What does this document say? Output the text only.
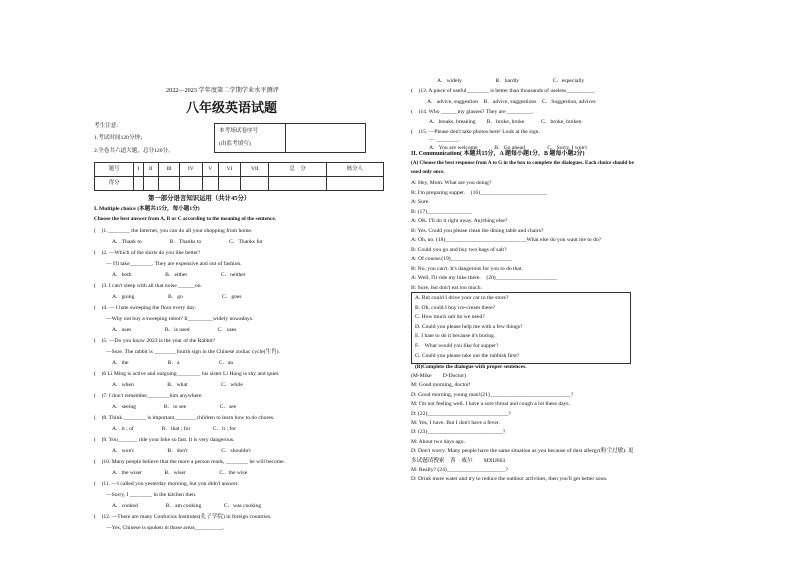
2022—2023 学年度第二学期学业水平测评
八年级英语试题
考生注意：
1.考试时间120分钟；
2.全卷共六道大题，总分120分。
本考场试卷序号
(由监考填写)
题号	I	II	III	IV	V	VI	VII	总　分	核分人
得分									
第一部分语言知识运用（共计45分）
I. Multiple choice (本题共15分，每小题1分)
Choose the best answer from A, B or C according to the meaning of the sentence.
(　)1.________ the Internet, you can do all your shopping from home.
A．Thank to　　　　　B．Thanks to　　　　　C．Thanks for
(　)2. —Which of the shirts do you like better?
— I'll take________. They are expensive and out of fashion.
A．both　　　　　　B．either　　　　　　C．neither
(　)3. I can't sleep with all that noise ______on.
A．going　　　　　　B．go　　　　　　　C．goes
(　)4. — I hate sweeping the floor every day.
—Why not buy a sweeping robot? It_________widely nowadays.
A．uses　　　　　　B．is used　　　　　C．uses
(　)5. —Do you know 2023 is the year of the Rabbit?
—Sure. The rabbit is ________fourth sign in the Chinese zodiac cycle(生肖).
A．the　　　　　　　B．a　　　　　　　C．an
(　)6 Li Ming is active and outgoing ________ his sister Li Hong is shy and quiet.
A．when　　　　　　B．what　　　　　　C．while
(　)7. I don't remember________him anywhere.
A．seeing　　　　　B．to see　　　　　　C．see
(　)8. Think ________ is important________children to learn how to do chores.
A．it ; of　　　　　B．that ; for　　　　C．it ; for
(　)9. You_______ ride your bike so fast. It is very dangerous.
A．won't　　　　　　B．don't　　　　　　C．shouldn't
(　)10. Many people believe that the more a person reads, ________ he will become.
A．the wiser　　　　B．wiser　　　　　　C．the wise
(　)11. —I called you yesterday morning, but you didn't answer.
—Sorry, I ________ in the kitchen then.
A．cooked　　　　　B．am cooking　　　　C．was cooking
(　)12. —There are many Confucius Institutes(孔子学院) in foreign countries.
—Yes, Chinese is spoken in those areas__________.
A．widely　　　　　　B．hardly　　　　　　C．especially
(　)13. A piece of useful________ is better than thousands of useless__________.
A．advice, suggestion　B．advice, suggestions　C．Suggestion, advices
(　)14. Who ______my glasses? They are _________.
A．breaks, breaking　　B．broke, broke　　　C．broke, broken
(　)15. —Please don't take photos here! Look at the sign.
— ________.
A．You are welcome　　　B．Go ahead　　　　C．Sorry, I won't
II. Communication( 本题共15分，A 题每小题1分，B 题每小题2分)
(A) Choose the best response from A to G in the box to complete the dialogues. Each choice should be
used only once.
A: Hey, Mom. What are you doing?
B: I'm preparing supper.　(16)________________________
A: Sure.
B: (17)________________
A: OK. I'll do it right away. Anything else?
B: Yes. Could you please clean the dining table and chairs?
A: Oh, no. (18)_____________________________What else do you want me to do?
B: Could you go and buy two bags of salt?
A: Of course.(19)______________________
B: No, you can't. It's dangerous for you to do that.
A: Well, I'll ride my bike there.　(20)______________________
B: Sure, but don't eat too much.
A. But could I drive your car to the store?
B. Oh, could I buy ice-cream there?
C. How much salt do we need?
D. Could you please help me with a few things?
E. I hate to do it because it's boring.
F.　What would you like for supper?
G. Could you please take out the rubbish first?
(B)Complete the dialogue with proper sentences.
(M-Mike　　D-Doctor)
M: Good morning, doctor!
D: Good morning, young man!(21)_____________________________?
M: I'm not feeling well. I have a sore throat and cough a lot these days.
D: (22)_____________________________?
M: Yes, I have. But I don't have a fever.
D: (23)___________________________?
M: About two days ago.
D: Don't worry. Many people have the same situation as you because of dust allergy(粉尘过敏). 更
多试题请搜索　菁　威尔　　MXIJ663
M: Really? (24)_____________________?
D: Drink more water and try to reduce the outdoor activities, then you'll get better soon.
